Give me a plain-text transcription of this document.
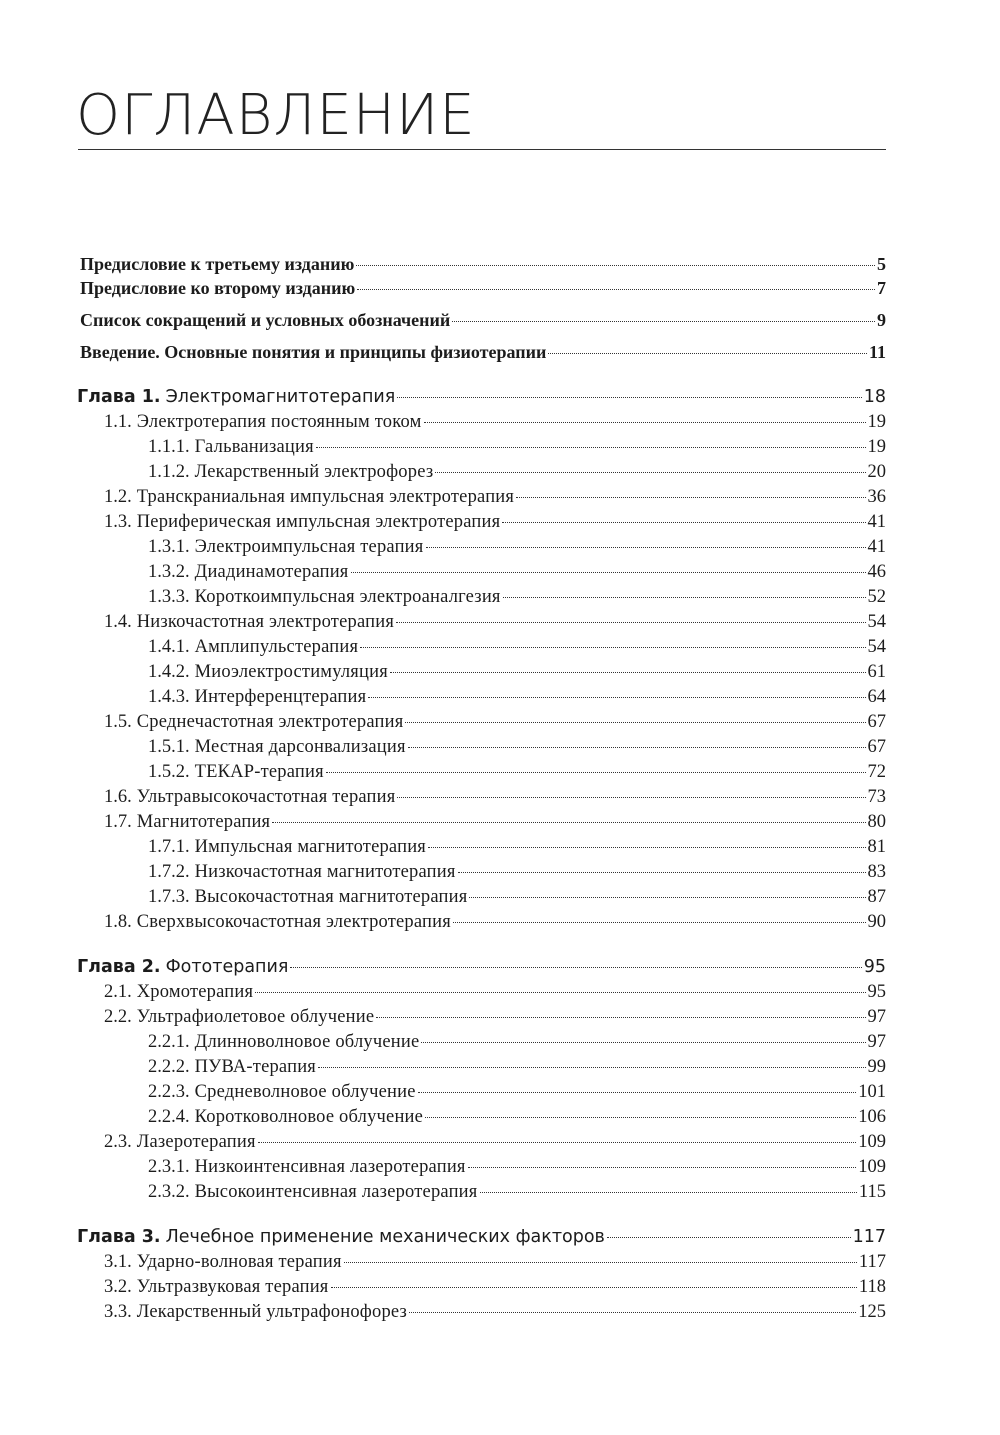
ОГЛАВЛЕНИЕ
Предисловие к третьему изданию	5
Предисловие ко второму изданию	7
Список сокращений и условных обозначений	9
Введение. Основные понятия и принципы физиотерапии	11
Глава 1. Электромагнитотерапия	18
1.1. Электротерапия постоянным током	19
1.1.1. Гальванизация	19
1.1.2. Лекарственный электрофорез	20
1.2. Транскраниальная импульсная электротерапия	36
1.3. Периферическая импульсная электротерапия	41
1.3.1. Электроимпульсная терапия	41
1.3.2. Диадинамотерапия	46
1.3.3. Короткоимпульсная электроаналгезия	52
1.4. Низкочастотная электротерапия	54
1.4.1. Амплипульстерапия	54
1.4.2. Миоэлектростимуляция	61
1.4.3. Интерференцтерапия	64
1.5. Среднечастотная электротерапия	67
1.5.1. Местная дарсонвализация	67
1.5.2. ТЕКАР-терапия	72
1.6. Ультравысокочастотная терапия	73
1.7. Магнитотерапия	80
1.7.1. Импульсная магнитотерапия	81
1.7.2. Низкочастотная магнитотерапия	83
1.7.3. Высокочастотная магнитотерапия	87
1.8. Сверхвысокочастотная электротерапия	90
Глава 2. Фототерапия	95
2.1. Хромотерапия	95
2.2. Ультрафиолетовое облучение	97
2.2.1. Длинноволновое облучение	97
2.2.2. ПУВА-терапия	99
2.2.3. Средневолновое облучение	101
2.2.4. Коротковолновое облучение	106
2.3. Лазеротерапия	109
2.3.1. Низкоинтенсивная лазеротерапия	109
2.3.2. Высокоинтенсивная лазеротерапия	115
Глава 3. Лечебное применение механических факторов	117
3.1. Ударно-волновая терапия	117
3.2. Ультразвуковая терапия	118
3.3. Лекарственный ультрафонофорез	125
